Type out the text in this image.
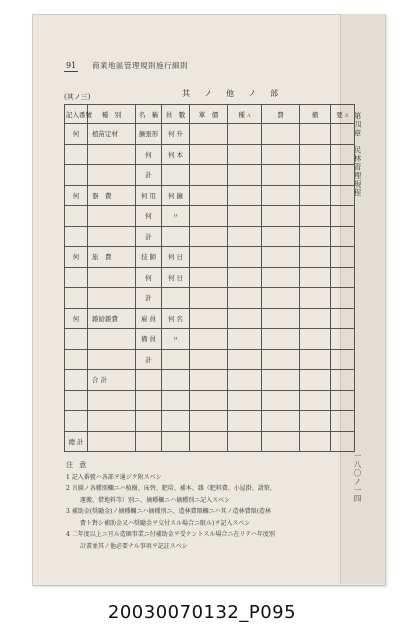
91 商業地區管理規則施行細則
(其ノ三)	其　ノ　他　ノ　部
第四章　民林管理規程
一八〇ノ一四
記入番號	種　別	名　稱	員　數	單　價	種 A	費	備	要 B
何	植苗定材	擴張形	何 升					
		何	何 本					
		計						
何	器　費	何 用	何 擴					
		何	〃					
		計						
何	旅　費	技 師	何 日					
		何	何 日					
		計						
何	雜給雜費	雇 員	何 名					
		備 員	〃					
		計						
	合 計							

總 計								
注 意
1 記入番號ハ各部ヲ通ジク附スベシ
2 言圖ノ各種別欄ニハ植樹、床替、肥培、補本、雜（肥料費、小屋掛、請築、
運搬、借地料等）別ニ、摘種欄ニハ摘種別ニ記入スベシ
3 補助金(奨勵金)ノ摘種欄ニハ摘種別ニ、造林費額欄ニハ其ノ造林費額(造林
費ト對シ補助金又ハ奨勵金ヲ交付スル場合ニ限ル)ヲ記入スベシ
4 二年度以上ニ亘ル造園事業ニ付補助金ヲ受ケントスル場合ニ在リテハ年度別
計畫並其ノ他必要ナル事項ヲ記註スベシ
20030070132_P095
